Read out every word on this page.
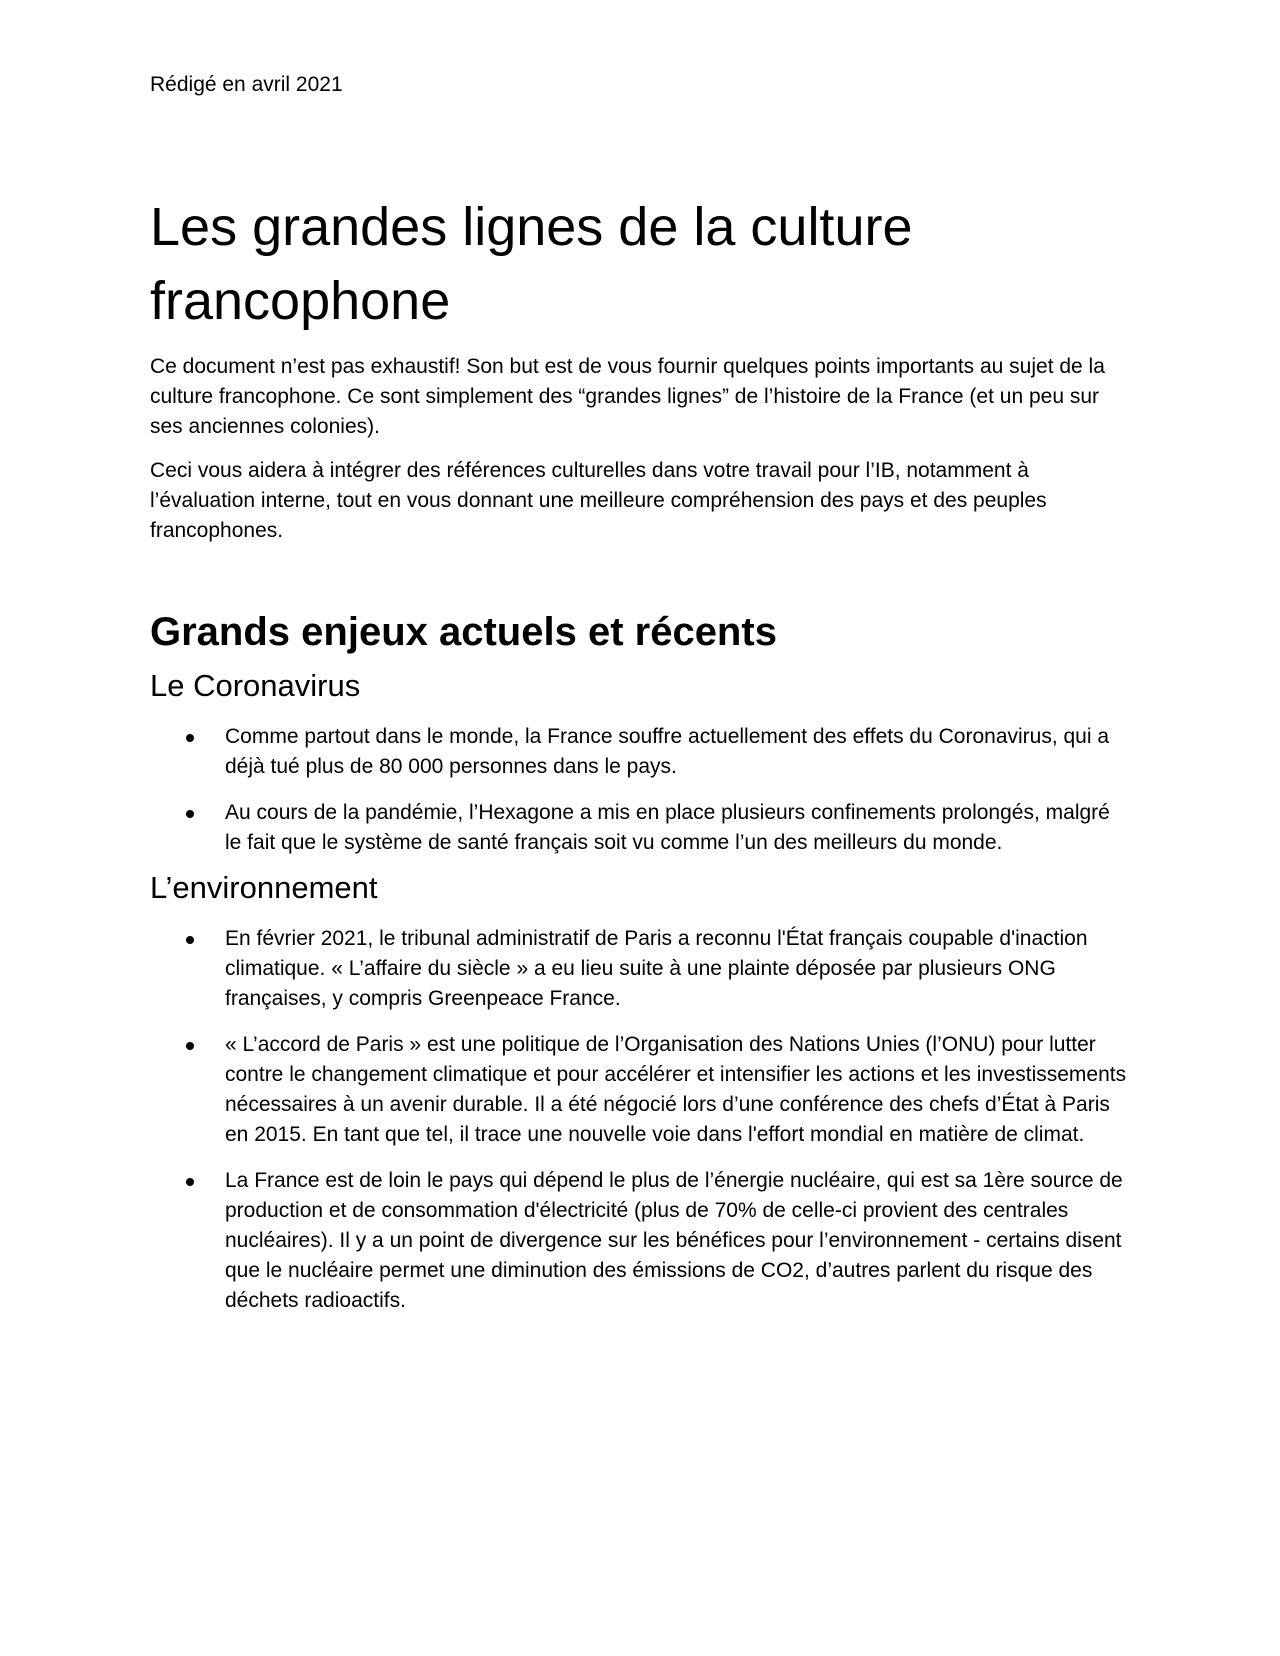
Rédigé en avril 2021

Les grandes lignes de la culture francophone

Ce document n’est pas exhaustif! Son but est de vous fournir quelques points importants au sujet de la culture francophone. Ce sont simplement des “grandes lignes” de l’histoire de la France (et un peu sur ses anciennes colonies).

Ceci vous aidera à intégrer des références culturelles dans votre travail pour l’IB, notamment à l’évaluation interne, tout en vous donnant une meilleure compréhension des pays et des peuples francophones.

Grands enjeux actuels et récents
Le Coronavirus
Comme partout dans le monde, la France souffre actuellement des effets du Coronavirus, qui a déjà tué plus de 80 000 personnes dans le pays.
Au cours de la pandémie, l’Hexagone a mis en place plusieurs confinements prolongés, malgré le fait que le système de santé français soit vu comme l’un des meilleurs du monde.
L’environnement
En février 2021, le tribunal administratif de Paris a reconnu l'État français coupable d'inaction climatique. « L’affaire du siècle » a eu lieu suite à une plainte déposée par plusieurs ONG françaises, y compris Greenpeace France.
« L’accord de Paris » est une politique de l’Organisation des Nations Unies (l’ONU) pour lutter contre le changement climatique et pour accélérer et intensifier les actions et les investissements nécessaires à un avenir durable. Il a été négocié lors d’une conférence des chefs d’État à Paris en 2015. En tant que tel, il trace une nouvelle voie dans l'effort mondial en matière de climat.
La France est de loin le pays qui dépend le plus de l’énergie nucléaire, qui est sa 1ère source de production et de consommation d'électricité (plus de 70% de celle-ci provient des centrales nucléaires). Il y a un point de divergence sur les bénéfices pour l’environnement - certains disent que le nucléaire permet une diminution des émissions de CO2, d’autres parlent du risque des déchets radioactifs.
